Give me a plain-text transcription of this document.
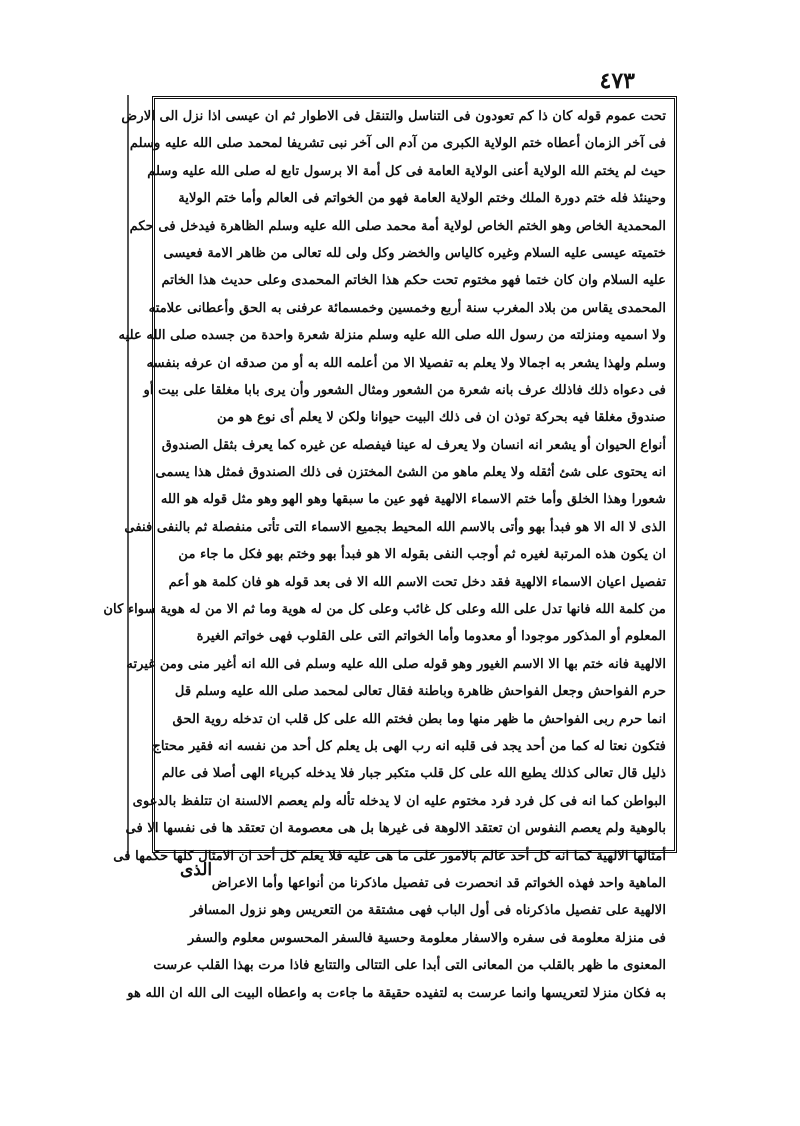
٤٧٣
تحت عموم قوله كان ذا كم تعودون فى التناسل والتنقل فى الاطوار ثم ان عيسى اذا نزل الى الارض
فى آخر الزمان أعطاه ختم الولاية الكبرى من آدم الى آخر نبى تشريفا لمحمد صلى الله عليه وسلم
حيث لم يختم الله الولاية أعنى الولاية العامة فى كل أمة الا برسول تابع له صلى الله عليه وسلم
وحينئذ فله ختم دورة الملك وختم الولاية العامة فهو من الخواتم فى العالم وأما ختم الولاية
المحمدية الخاص وهو الختم الخاص لولاية أمة محمد صلى الله عليه وسلم الظاهرة فيدخل فى حكم
ختميته عيسى عليه السلام وغيره كالياس والخضر وكل ولى لله تعالى من ظاهر الامة فعيسى
عليه السلام وان كان ختما فهو مختوم تحت حكم هذا الخاتم المحمدى وعلى حديث هذا الخاتم
المحمدى يقاس من بلاد المغرب سنة أربع وخمسين وخمسمائة عرفنى به الحق وأعطانى علامته
ولا اسميه ومنزلته من رسول الله صلى الله عليه وسلم منزلة شعرة واحدة من جسده صلى الله عليه
وسلم ولهذا يشعر به اجمالا ولا يعلم به تفصيلا الا من أعلمه الله به أو من صدقه ان عرفه بنفسه
فى دعواه ذلك فاذلك عرف بانه شعرة من الشعور ومثال الشعور وأن يرى بابا مغلقا على بيت أو
صندوق مغلقا فيه بحركة توذن ان فى ذلك البيت حيوانا ولكن لا يعلم أى نوع هو من
أنواع الحيوان أو يشعر انه انسان ولا يعرف له عينا فيفصله عن غيره كما يعرف بثقل الصندوق
انه يحتوى على شئ أثقله ولا يعلم ماهو من الشئ المختزن فى ذلك الصندوق فمثل هذا يسمى
شعورا وهذا الخلق وأما ختم الاسماء الالهية فهو عين ما سبقها وهو الهو وهو مثل قوله هو الله
الذى لا اله الا هو فبدأ بهو وأتى بالاسم الله المحيط بجميع الاسماء التى تأتى منفصلة ثم بالنفى فنفى
ان يكون هذه المرتبة لغيره ثم أوجب النفى بقوله الا هو فبدأ بهو وختم بهو فكل ما جاء من
تفصيل اعيان الاسماء الالهية فقد دخل تحت الاسم الله الا فى بعد قوله هو فان كلمة هو أعم
من كلمة الله فانها تدل على الله وعلى كل غائب وعلى كل من له هوية وما ثم الا من له هوية سواء كان
المعلوم أو المذكور موجودا أو معدوما وأما الخواتم التى على القلوب فهى خواتم الغيرة
الالهية فانه ختم بها الا الاسم الغيور وهو قوله صلى الله عليه وسلم فى الله انه أغير منى ومن غيرته
حرم الفواحش وجعل الفواحش ظاهرة وباطنة فقال تعالى لمحمد صلى الله عليه وسلم قل
انما حرم ربى الفواحش ما ظهر منها وما بطن فختم الله على كل قلب ان تدخله روية الحق
فتكون نعتا له كما من أحد يجد فى قلبه انه رب الهى بل يعلم كل أحد من نفسه انه فقير محتاج
ذليل قال تعالى كذلك يطبع الله على كل قلب متكبر جبار فلا يدخله كبرياء الهى أصلا فى عالم
البواطن كما انه فى كل فرد فرد مختوم عليه ان لا يدخله تأله ولم يعصم الالسنة ان تتلفظ بالدعوى
بالوهية ولم يعصم النفوس ان تعتقد الالوهة فى غيرها بل هى معصومة ان تعتقد ها فى نفسها الا فى
أمثالها الالهية كما انه كل أحد عالم بالامور على ما هى عليه فلا يعلم كل أحد ان الامثال كلها حكمها فى
الماهية واحد فهذه الخواتم قد انحصرت فى تفصيل ماذكرنا من أنواعها وأما الاعراض
الالهية على تفصيل ماذكرناه فى أول الباب فهى مشتقة من التعريس وهو نزول المسافر
فى منزلة معلومة فى سفره والاسفار معلومة وحسية فالسفر المحسوس معلوم والسفر
المعنوى ما ظهر بالقلب من المعانى التى أبدا على التتالى والتتابع فاذا مرت بهذا القلب عرست
به فكان منزلا لتعريسها وانما عرست به لتفيده حقيقة ما جاءت به واعطاه البيت الى الله ان الله هو
الذى
